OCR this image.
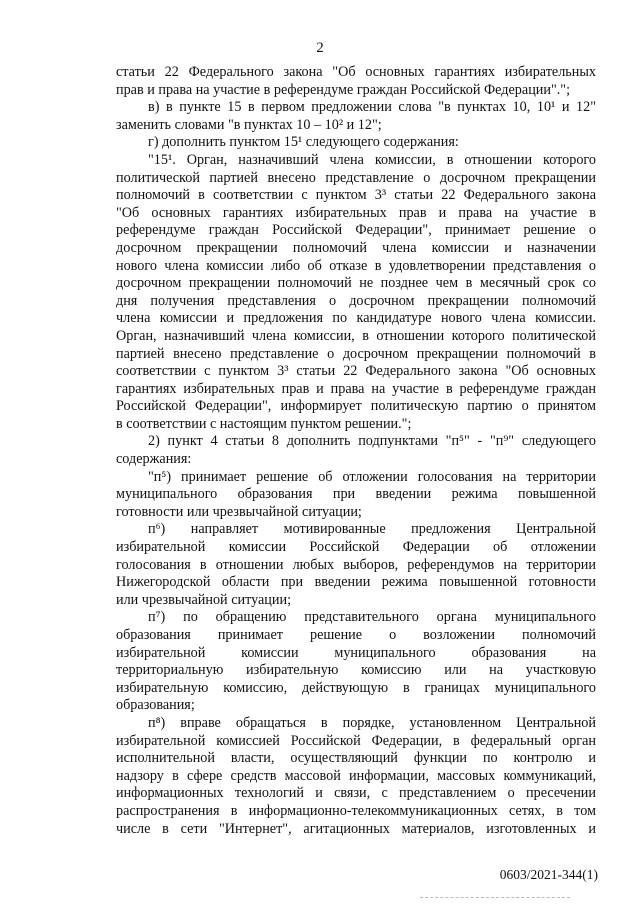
2
статьи 22 Федерального закона "Об основных гарантиях избирательных
прав и права на участие в референдуме граждан Российской Федерации".";
в) в пункте 15 в первом предложении слова "в пунктах 10, 10¹ и 12"
заменить словами "в пунктах 10 – 10² и 12";
г) дополнить пунктом 15¹ следующего содержания:
"15¹. Орган, назначивший члена комиссии, в отношении которого
политической партией внесено представление о досрочном прекращении
полномочий в соответствии с пунктом 3³ статьи 22 Федерального закона
"Об основных гарантиях избирательных прав и права на участие в
референдуме граждан Российской Федерации", принимает решение о
досрочном прекращении полномочий члена комиссии и назначении
нового члена комиссии либо об отказе в удовлетворении представления о
досрочном прекращении полномочий не позднее чем в месячный срок со
дня получения представления о досрочном прекращении полномочий
члена комиссии и предложения по кандидатуре нового члена комиссии.
Орган, назначивший члена комиссии, в отношении которого политической
партией внесено представление о досрочном прекращении полномочий в
соответствии с пунктом 3³ статьи 22 Федерального закона "Об основных
гарантиях избирательных прав и права на участие в референдуме граждан
Российской Федерации", информирует политическую партию о принятом
в соответствии с настоящим пунктом решении.";
2) пункт 4 статьи 8 дополнить подпунктами "п⁵" - "п⁹" следующего
содержания:
"п⁵) принимает решение об отложении голосования на территории
муниципального образования при введении режима повышенной
готовности или чрезвычайной ситуации;
п⁶) направляет мотивированные предложения Центральной
избирательной комиссии Российской Федерации об отложении
голосования в отношении любых выборов, референдумов на территории
Нижегородской области при введении режима повышенной готовности
или чрезвычайной ситуации;
п⁷) по обращению представительного органа муниципального
образования принимает решение о возложении полномочий
избирательной комиссии муниципального образования на
территориальную избирательную комиссию или на участковую
избирательную комиссию, действующую в границах муниципального
образования;
п⁸) вправе обращаться в порядке, установленном Центральной
избирательной комиссией Российской Федерации, в федеральный орган
исполнительной власти, осуществляющий функции по контролю и
надзору в сфере средств массовой информации, массовых коммуникаций,
информационных технологий и связи, с представлением о пресечении
распространения в информационно-телекоммуникационных сетях, в том
числе в сети "Интернет", агитационных материалов, изготовленных и
0603/2021-344(1)
